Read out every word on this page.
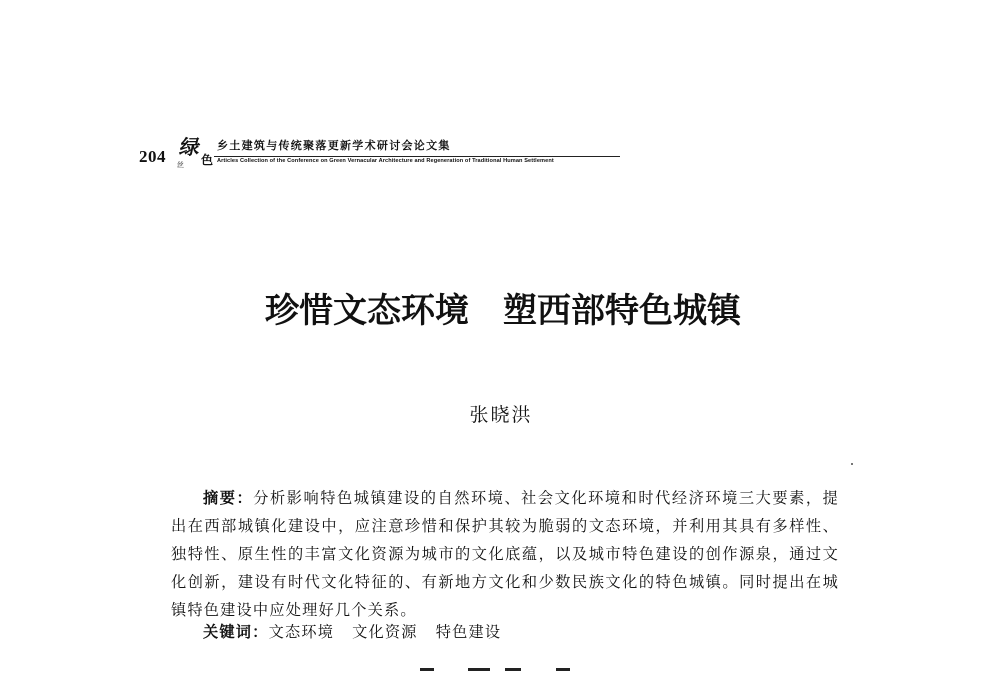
204 绿
丝 色
乡土建筑与传统聚落更新学术研讨会论文集
Articles Collection of the Conference on Green Vernacular Architecture and Regeneration of Traditional Human Settlement
珍惜文态环境 塑西部特色城镇
张晓洪
摘要：分析影响特色城镇建设的自然环境、社会文化环境和时代经济环境三大要素，提出在西部城镇化建设中，应注意珍惜和保护其较为脆弱的文态环境，并利用其具有多样性、独特性、原生性的丰富文化资源为城市的文化底蕴，以及城市特色建设的创作源泉，通过文化创新，建设有时代文化特征的、有新地方文化和少数民族文化的特色城镇。同时提出在城镇特色建设中应处理好几个关系。
关键词：文态环境 文化资源 特色建设
